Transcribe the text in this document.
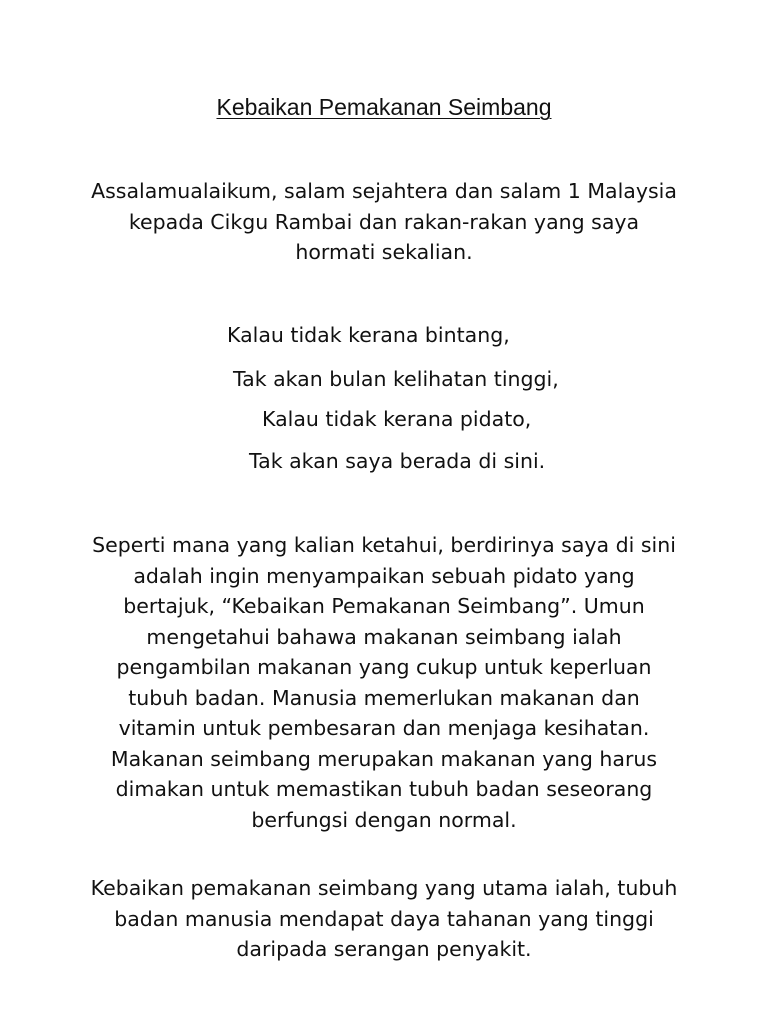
Kebaikan Pemakanan Seimbang

Assalamualaikum, salam sejahtera dan salam 1 Malaysia kepada Cikgu Rambai dan rakan-rakan yang saya hormati sekalian.

Kalau tidak kerana bintang,
Tak akan bulan kelihatan tinggi,
Kalau tidak kerana pidato,
Tak akan saya berada di sini.

Seperti mana yang kalian ketahui, berdirinya saya di sini adalah ingin menyampaikan sebuah pidato yang bertajuk, “Kebaikan Pemakanan Seimbang”. Umun mengetahui bahawa makanan seimbang ialah pengambilan makanan yang cukup untuk keperluan tubuh badan. Manusia memerlukan makanan dan vitamin untuk pembesaran dan menjaga kesihatan. Makanan seimbang merupakan makanan yang harus dimakan untuk memastikan tubuh badan seseorang berfungsi dengan normal.

Kebaikan pemakanan seimbang yang utama ialah, tubuh badan manusia mendapat daya tahanan yang tinggi daripada serangan penyakit.
